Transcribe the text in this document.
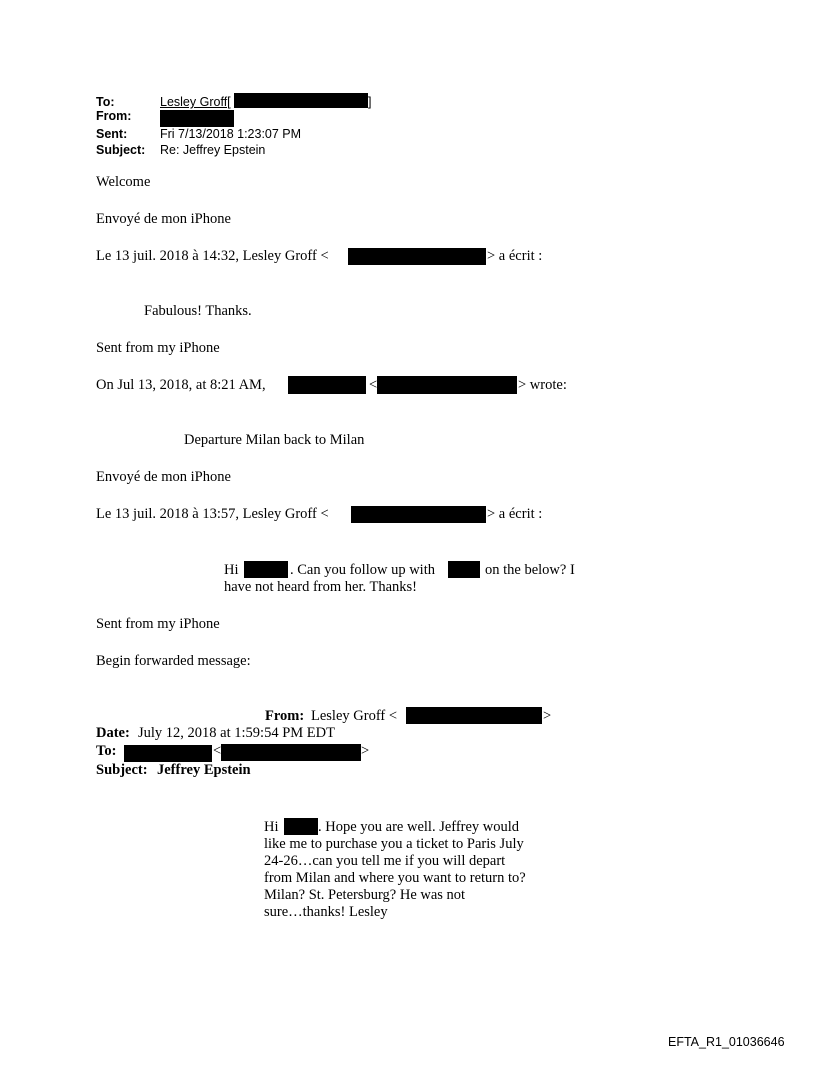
To:	Lesley Groff[	]
From:
Sent:	Fri 7/13/2018 1:23:07 PM
Subject: Re: Jeffrey Epstein
Welcome
Envoyé de mon iPhone
Le 13 juil. 2018 à 14:32, Lesley Groff <	> a écrit :
Fabulous! Thanks.
Sent from my iPhone
On Jul 13, 2018, at 8:21 AM,	<	> wrote:
Departure Milan back to Milan
Envoyé de mon iPhone
Le 13 juil. 2018 à 13:57, Lesley Groff <	> a écrit :
Hi	. Can you follow up with	on the below? I
have not heard from her. Thanks!
Sent from my iPhone
Begin forwarded message:
From: Lesley Groff <	>
Date: July 12, 2018 at 1:59:54 PM EDT
To:	<	>
Subject: Jeffrey Epstein
Hi	. Hope you are well. Jeffrey would
like me to purchase you a ticket to Paris July
24-26…can you tell me if you will depart
from Milan and where you want to return to?
Milan? St. Petersburg? He was not
sure…thanks! Lesley
EFTA_R1_01036646
